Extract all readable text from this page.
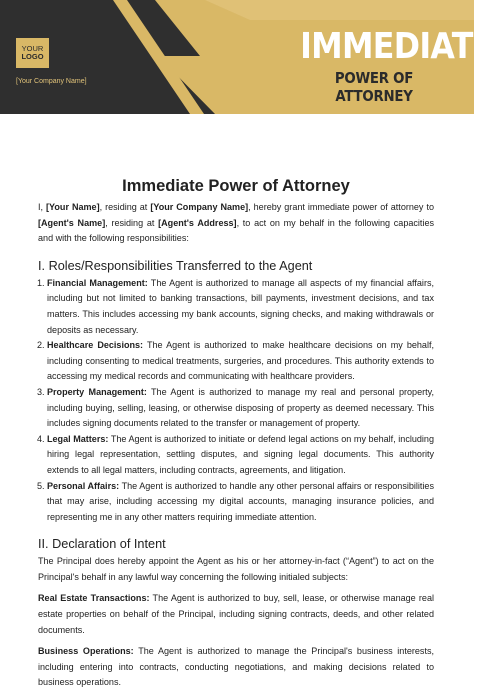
YOUR
LOGO
[Your Company Name]
IMMEDIATE
POWER OF ATTORNEY
Immediate Power of Attorney

I, [Your Name], residing at [Your Company Name], hereby grant immediate power of attorney to [Agent's Name], residing at [Agent's Address], to act on my behalf in the following capacities and with the following responsibilities:

I. Roles/Responsibilities Transferred to the Agent
1. Financial Management: The Agent is authorized to manage all aspects of my financial affairs, including but not limited to banking transactions, bill payments, investment decisions, and tax matters. This includes accessing my bank accounts, signing checks, and making withdrawals or deposits as necessary.
2. Healthcare Decisions: The Agent is authorized to make healthcare decisions on my behalf, including consenting to medical treatments, surgeries, and procedures. This authority extends to accessing my medical records and communicating with healthcare providers.
3. Property Management: The Agent is authorized to manage my real and personal property, including buying, selling, leasing, or otherwise disposing of property as deemed necessary. This includes signing documents related to the transfer or management of property.
4. Legal Matters: The Agent is authorized to initiate or defend legal actions on my behalf, including hiring legal representation, settling disputes, and signing legal documents. This authority extends to all legal matters, including contracts, agreements, and litigation.
5. Personal Affairs: The Agent is authorized to handle any other personal affairs or responsibilities that may arise, including accessing my digital accounts, managing insurance policies, and representing me in any other matters requiring immediate attention.
II. Declaration of Intent

The Principal does hereby appoint the Agent as his or her attorney-in-fact (“Agent”) to act on the Principal's behalf in any lawful way concerning the following initialed subjects:

Real Estate Transactions: The Agent is authorized to buy, sell, lease, or otherwise manage real estate properties on behalf of the Principal, including signing contracts, deeds, and other related documents.

Business Operations: The Agent is authorized to manage the Principal's business interests, including entering into contracts, conducting negotiations, and making decisions related to business operations.
